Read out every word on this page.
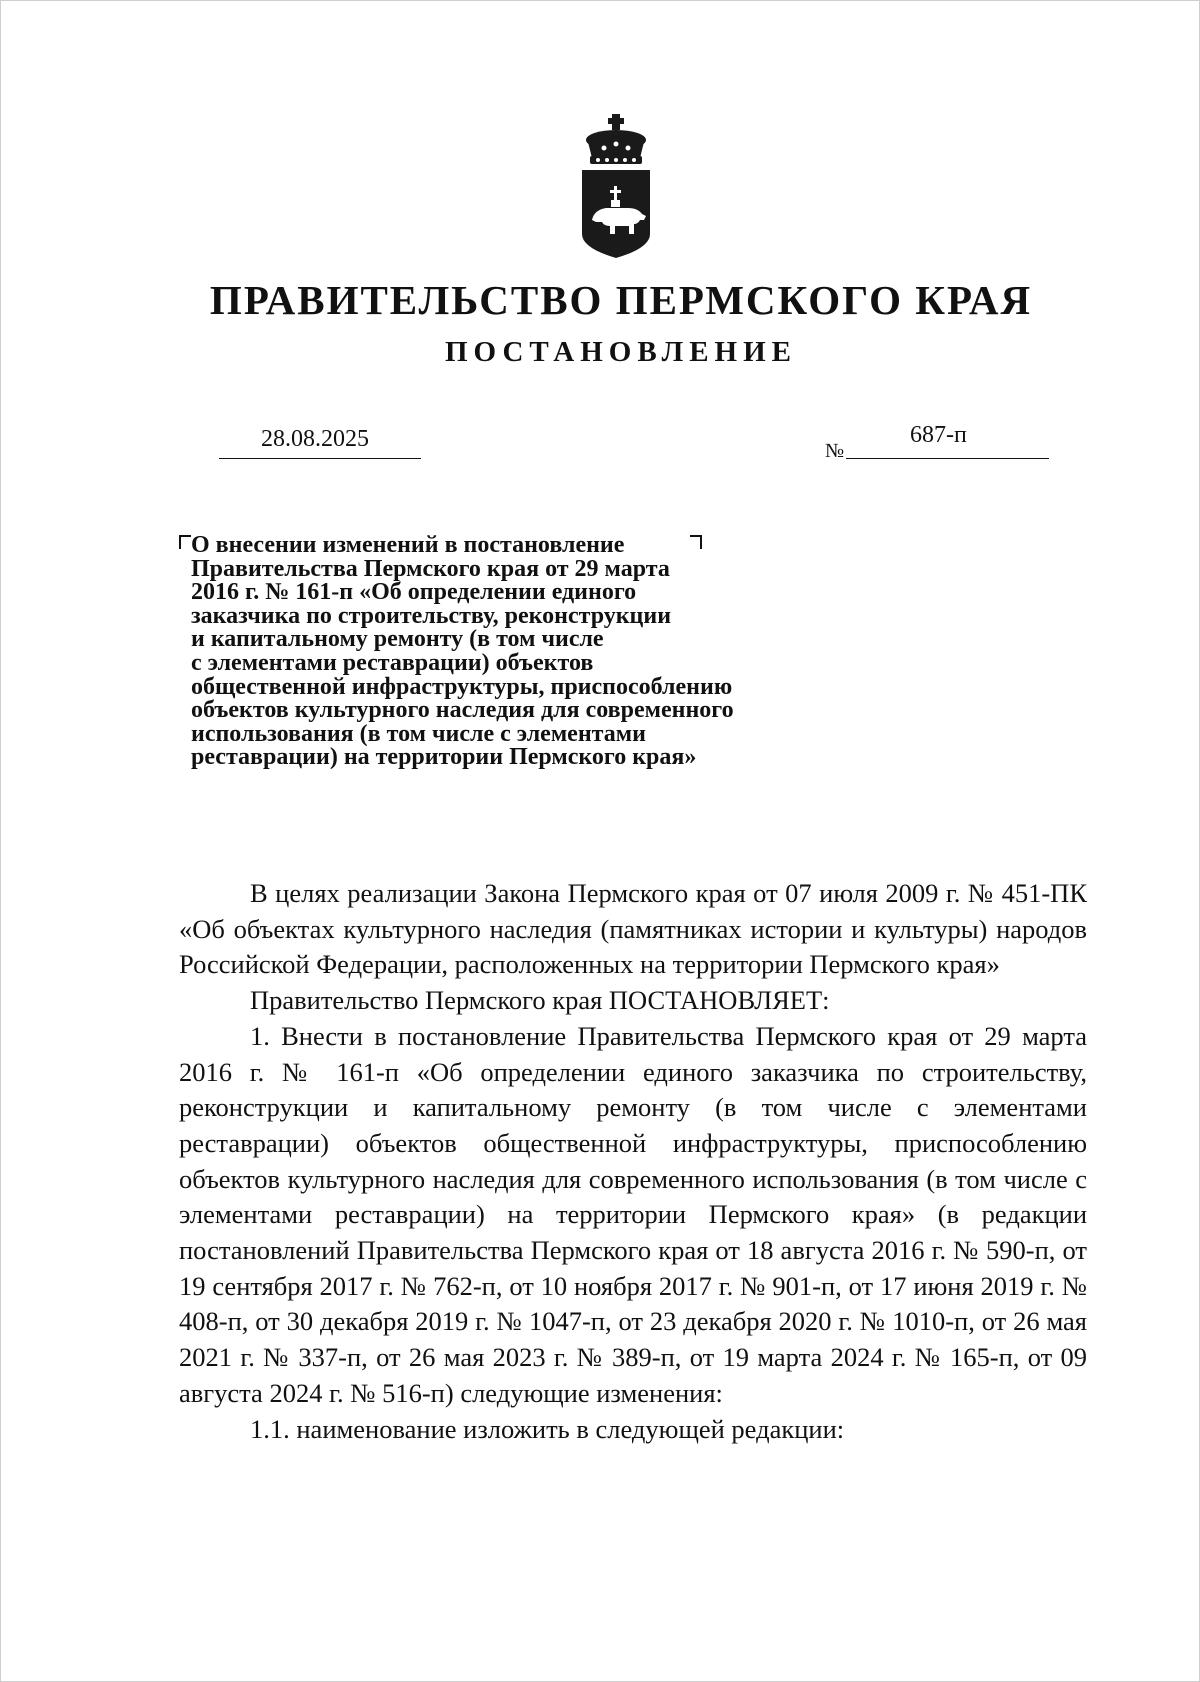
ПРАВИТЕЛЬСТВО ПЕРМСКОГО КРАЯ
ПОСТАНОВЛЕНИЕ
28.08.2025	№
687-п
О внесении изменений в постановление
Правительства Пермского края от 29 марта
2016 г. № 161-п «Об определении единого
заказчика по строительству, реконструкции
и капитальному ремонту (в том числе
с элементами реставрации) объектов
общественной инфраструктуры, приспособлению
объектов культурного наследия для современного
использования (в том числе с элементами
реставрации) на территории Пермского края»

В целях реализации Закона Пермского края от 07 июля 2009 г. № 451-ПК «Об объектах культурного наследия (памятниках истории и культуры) народов Российской Федерации, расположенных на территории Пермского края»

Правительство Пермского края ПОСТАНОВЛЯЕТ:

1. Внести в постановление Правительства Пермского края от 29 марта 2016 г. № 161-п «Об определении единого заказчика по строительству, реконструкции и капитальному ремонту (в том числе с элементами реставрации) объектов общественной инфраструктуры, приспособлению объектов культурного наследия для современного использования (в том числе с элементами реставрации) на территории Пермского края» (в редакции постановлений Правительства Пермского края от 18 августа 2016 г. № 590-п, от 19 сентября 2017 г. № 762-п, от 10 ноября 2017 г. № 901-п, от 17 июня 2019 г. № 408-п, от 30 декабря 2019 г. № 1047-п, от 23 декабря 2020 г. № 1010-п, от 26 мая 2021 г. № 337-п, от 26 мая 2023 г. № 389-п, от 19 марта 2024 г. № 165-п, от 09 августа 2024 г. № 516-п) следующие изменения:

1.1. наименование изложить в следующей редакции:
